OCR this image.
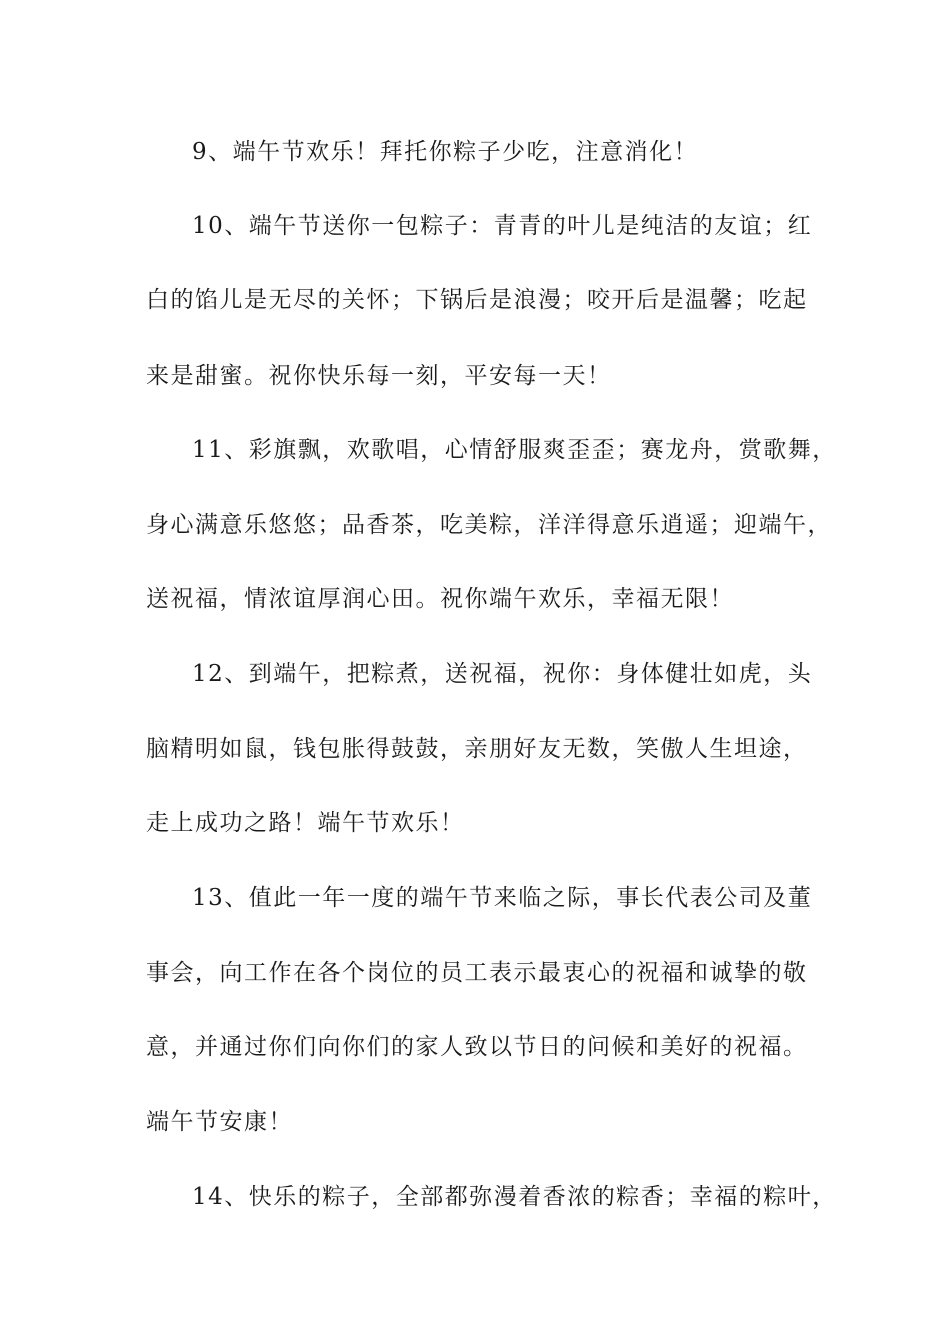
9、端午节欢乐！拜托你粽子少吃，注意消化！
10、端午节送你一包粽子：青青的叶儿是纯洁的友谊；红
白的馅儿是无尽的关怀；下锅后是浪漫；咬开后是温馨；吃起
来是甜蜜。祝你快乐每一刻，平安每一天！
11、彩旗飘，欢歌唱，心情舒服爽歪歪；赛龙舟，赏歌舞，
身心满意乐悠悠；品香茶，吃美粽，洋洋得意乐逍遥；迎端午，
送祝福，情浓谊厚润心田。祝你端午欢乐，幸福无限！
12、到端午，把粽煮，送祝福，祝你：身体健壮如虎，头
脑精明如鼠，钱包胀得鼓鼓，亲朋好友无数，笑傲人生坦途，
走上成功之路！端午节欢乐！
13、值此一年一度的端午节来临之际，事长代表公司及董
事会，向工作在各个岗位的员工表示最衷心的祝福和诚挚的敬
意，并通过你们向你们的家人致以节日的问候和美好的祝福。
端午节安康！
14、快乐的粽子，全部都弥漫着香浓的粽香；幸福的粽叶，
